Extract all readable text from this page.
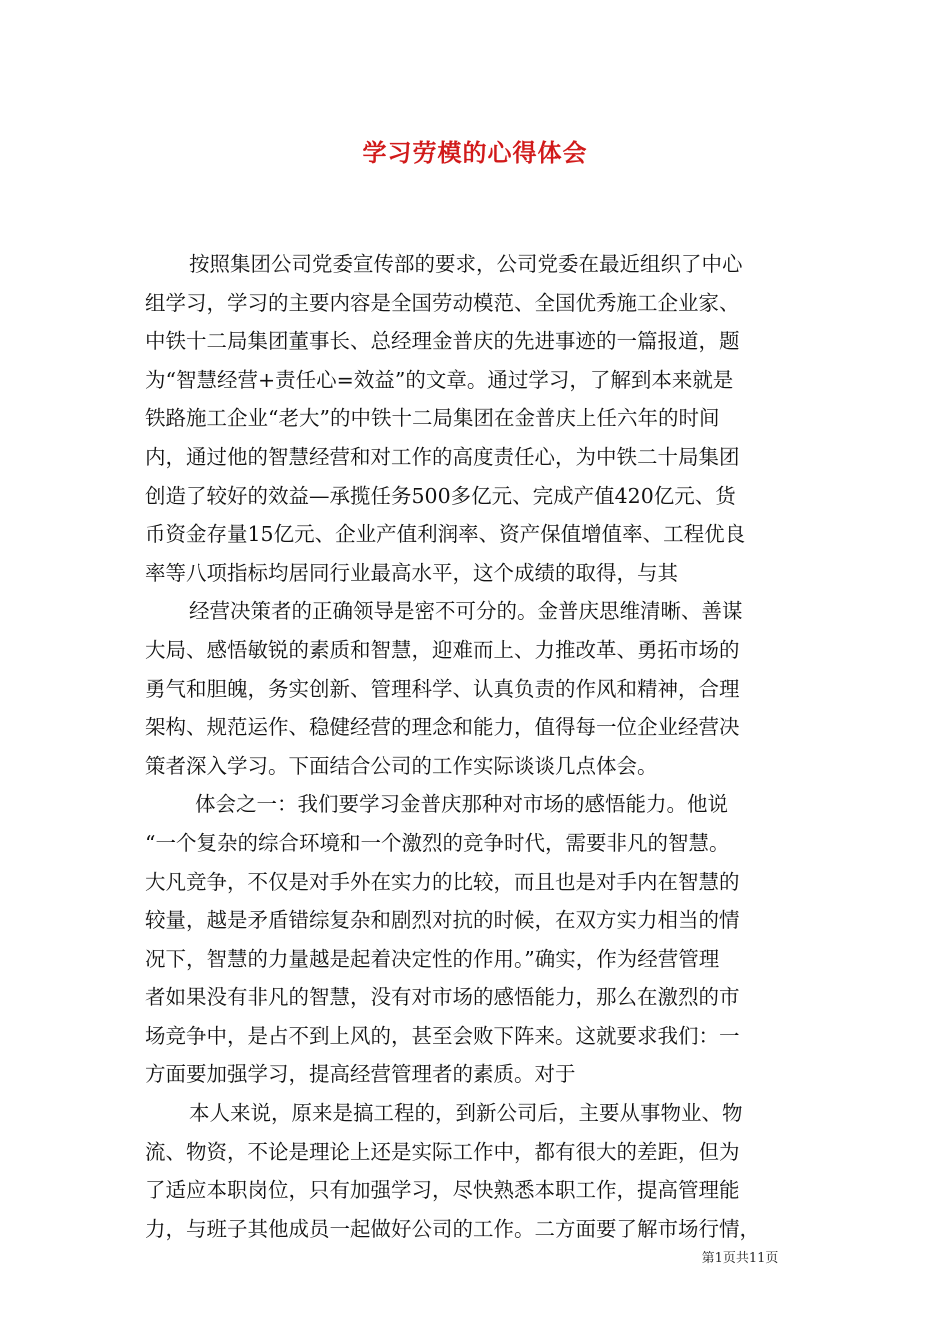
学习劳模的心得体会
按照集团公司党委宣传部的要求，公司党委在最近组织了中心
组学习，学习的主要内容是全国劳动模范、全国优秀施工企业家、
中铁十二局集团董事长、总经理金普庆的先进事迹的一篇报道，题
为“智慧经营+责任心=效益”的文章。通过学习，了解到本来就是
铁路施工企业“老大”的中铁十二局集团在金普庆上任六年的时间
内，通过他的智慧经营和对工作的高度责任心，为中铁二十局集团
创造了较好的效益—承揽任务500多亿元、完成产值420亿元、货
币资金存量15亿元、企业产值利润率、资产保值增值率、工程优良
率等八项指标均居同行业最高水平，这个成绩的取得，与其
经营决策者的正确领导是密不可分的。金普庆思维清晰、善谋
大局、感悟敏锐的素质和智慧，迎难而上、力推改革、勇拓市场的
勇气和胆魄，务实创新、管理科学、认真负责的作风和精神，合理
架构、规范运作、稳健经营的理念和能力，值得每一位企业经营决
策者深入学习。下面结合公司的工作实际谈谈几点体会。
体会之一：我们要学习金普庆那种对市场的感悟能力。他说
“一个复杂的综合环境和一个激烈的竞争时代，需要非凡的智慧。
大凡竞争，不仅是对手外在实力的比较，而且也是对手内在智慧的
较量，越是矛盾错综复杂和剧烈对抗的时候，在双方实力相当的情
况下，智慧的力量越是起着决定性的作用。”确实，作为经营管理
者如果没有非凡的智慧，没有对市场的感悟能力，那么在激烈的市
场竞争中，是占不到上风的，甚至会败下阵来。这就要求我们：一
方面要加强学习，提高经营管理者的素质。对于
本人来说，原来是搞工程的，到新公司后，主要从事物业、物
流、物资，不论是理论上还是实际工作中，都有很大的差距，但为
了适应本职岗位，只有加强学习，尽快熟悉本职工作，提高管理能
力，与班子其他成员一起做好公司的工作。二方面要了解市场行情，
第1页共11页
